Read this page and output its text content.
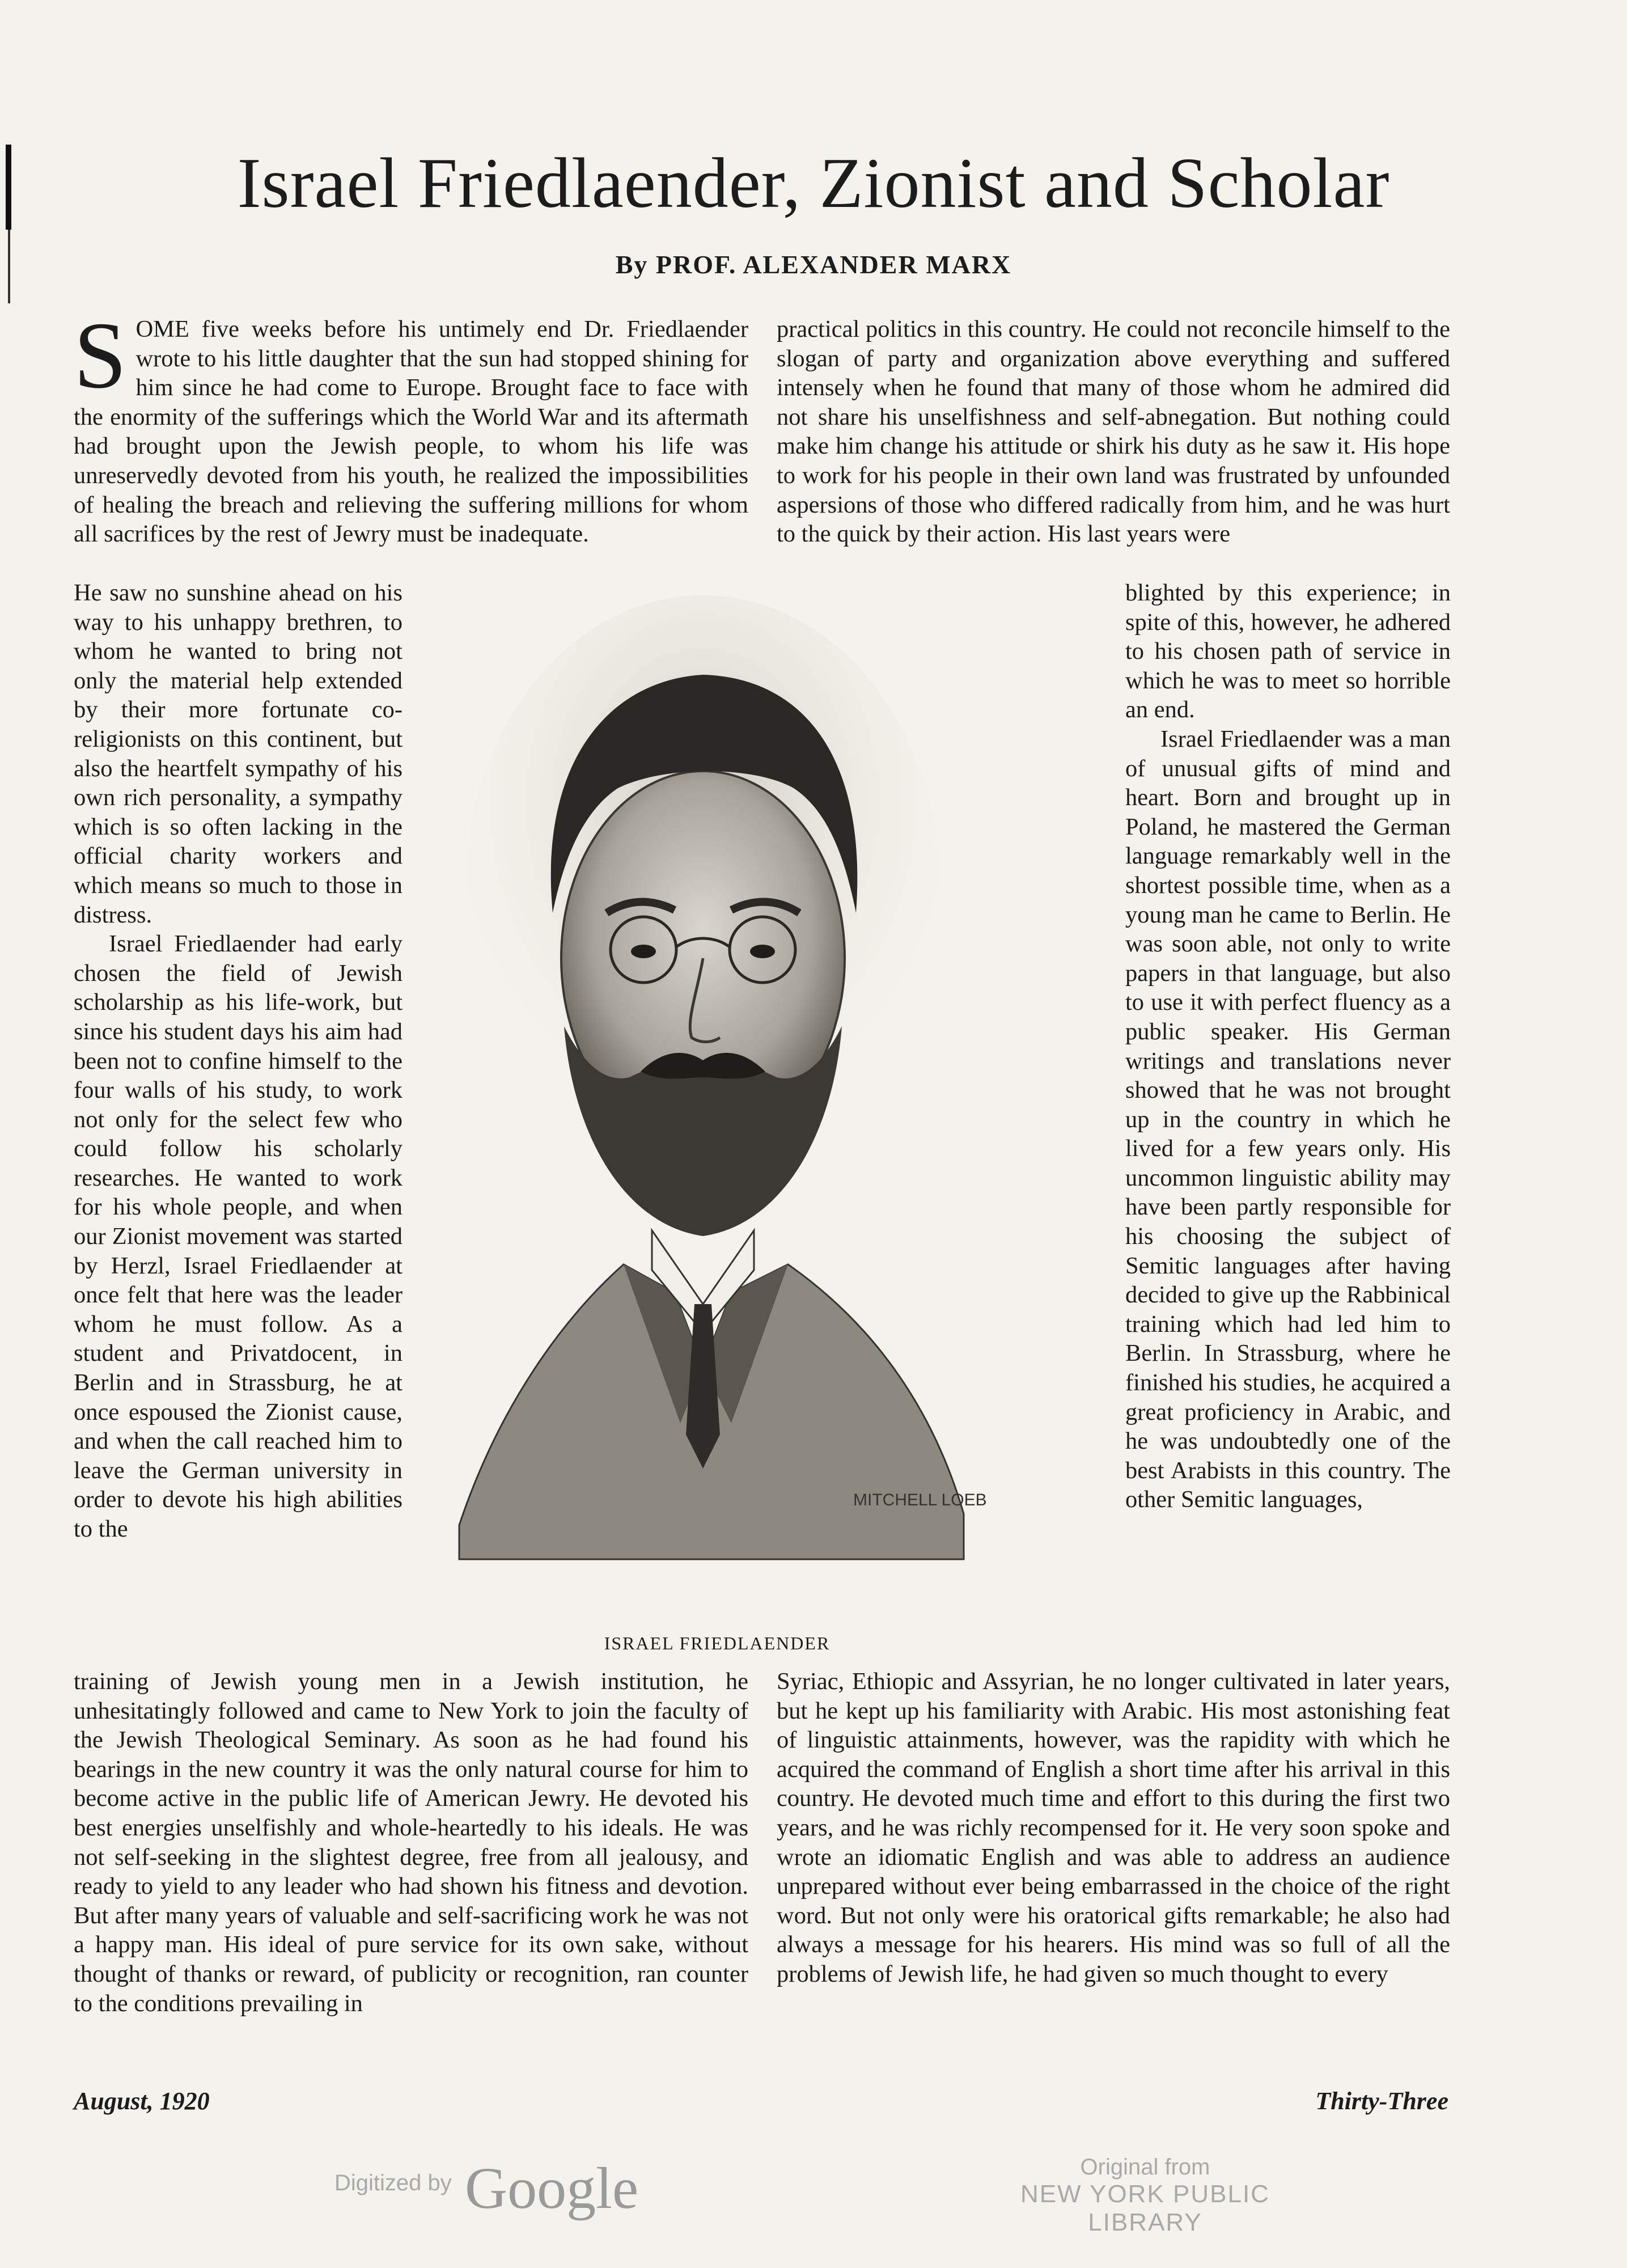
Israel Friedlaender, Zionist and Scholar
By PROF. ALEXANDER MARX

SOME five weeks before his untimely end Dr. Friedlaender wrote to his little daughter that the sun had stopped shining for him since he had come to Europe. Brought face to face with the enormity of the sufferings which the World War and its aftermath had brought upon the Jewish people, to whom his life was unreservedly devoted from his youth, he realized the impossibilities of healing the breach and relieving the suffering millions for whom all sacrifices by the rest of Jewry must be inadequate.

He saw no sunshine ahead on his way to his unhappy brethren, to whom he wanted to bring not only the material help extended by their more fortunate co-religionists on this continent, but also the heartfelt sympathy of his own rich personality, a sympathy which is so often lacking in the official charity workers and which means so much to those in distress.

Israel Friedlaender had early chosen the field of Jewish scholarship as his life-work, but since his student days his aim had been not to confine himself to the four walls of his study, to work not only for the select few who could follow his scholarly researches. He wanted to work for his whole people, and when our Zionist movement was started by Herzl, Israel Friedlaender at once felt that here was the leader whom he must follow. As a student and Privatdocent, in Berlin and in Strassburg, he at once espoused the Zionist cause, and when the call reached him to leave the German university in order to devote his high abilities to the

training of Jewish young men in a Jewish institution, he unhesitatingly followed and came to New York to join the faculty of the Jewish Theological Seminary. As soon as he had found his bearings in the new country it was the only natural course for him to become active in the public life of American Jewry. He devoted his best energies unselfishly and whole-heartedly to his ideals. He was not self-seeking in the slightest degree, free from all jealousy, and ready to yield to any leader who had shown his fitness and devotion. But after many years of valuable and self-sacrificing work he was not a happy man. His ideal of pure service for its own sake, without thought of thanks or reward, of publicity or recognition, ran counter to the conditions prevailing in

practical politics in this country. He could not reconcile himself to the slogan of party and organization above everything and suffered intensely when he found that many of those whom he admired did not share his unselfishness and self-abnegation. But nothing could make him change his attitude or shirk his duty as he saw it. His hope to work for his people in their own land was frustrated by unfounded aspersions of those who differed radically from him, and he was hurt to the quick by their action. His last years were

blighted by this experience; in spite of this, however, he adhered to his chosen path of service in which he was to meet so horrible an end.

Israel Friedlaender was a man of unusual gifts of mind and heart. Born and brought up in Poland, he mastered the German language remarkably well in the shortest possible time, when as a young man he came to Berlin. He was soon able, not only to write papers in that language, but also to use it with perfect fluency as a public speaker. His German writings and translations never showed that he was not brought up in the country in which he lived for a few years only. His uncommon linguistic ability may have been partly responsible for his choosing the subject of Semitic languages after having decided to give up the Rabbinical training which had led him to Berlin. In Strassburg, where he finished his studies, he acquired a great proficiency in Arabic, and he was undoubtedly one of the best Arabists in this country. The other Semitic languages,

Syriac, Ethiopic and Assyrian, he no longer cultivated in later years, but he kept up his familiarity with Arabic. His most astonishing feat of linguistic attainments, however, was the rapidity with which he acquired the command of English a short time after his arrival in this country. He devoted much time and effort to this during the first two years, and he was richly recompensed for it. He very soon spoke and wrote an idiomatic English and was able to address an audience unprepared without ever being embarrassed in the choice of the right word. But not only were his oratorical gifts remarkable; he also had always a message for his hearers. His mind was so full of all the problems of Jewish life, he had given so much thought to every

MITCHELL LOEB
ISRAEL FRIEDLAENDER
August, 1920	Thirty-Three
Digitized by Google	Original from
NEW YORK PUBLIC LIBRARY
